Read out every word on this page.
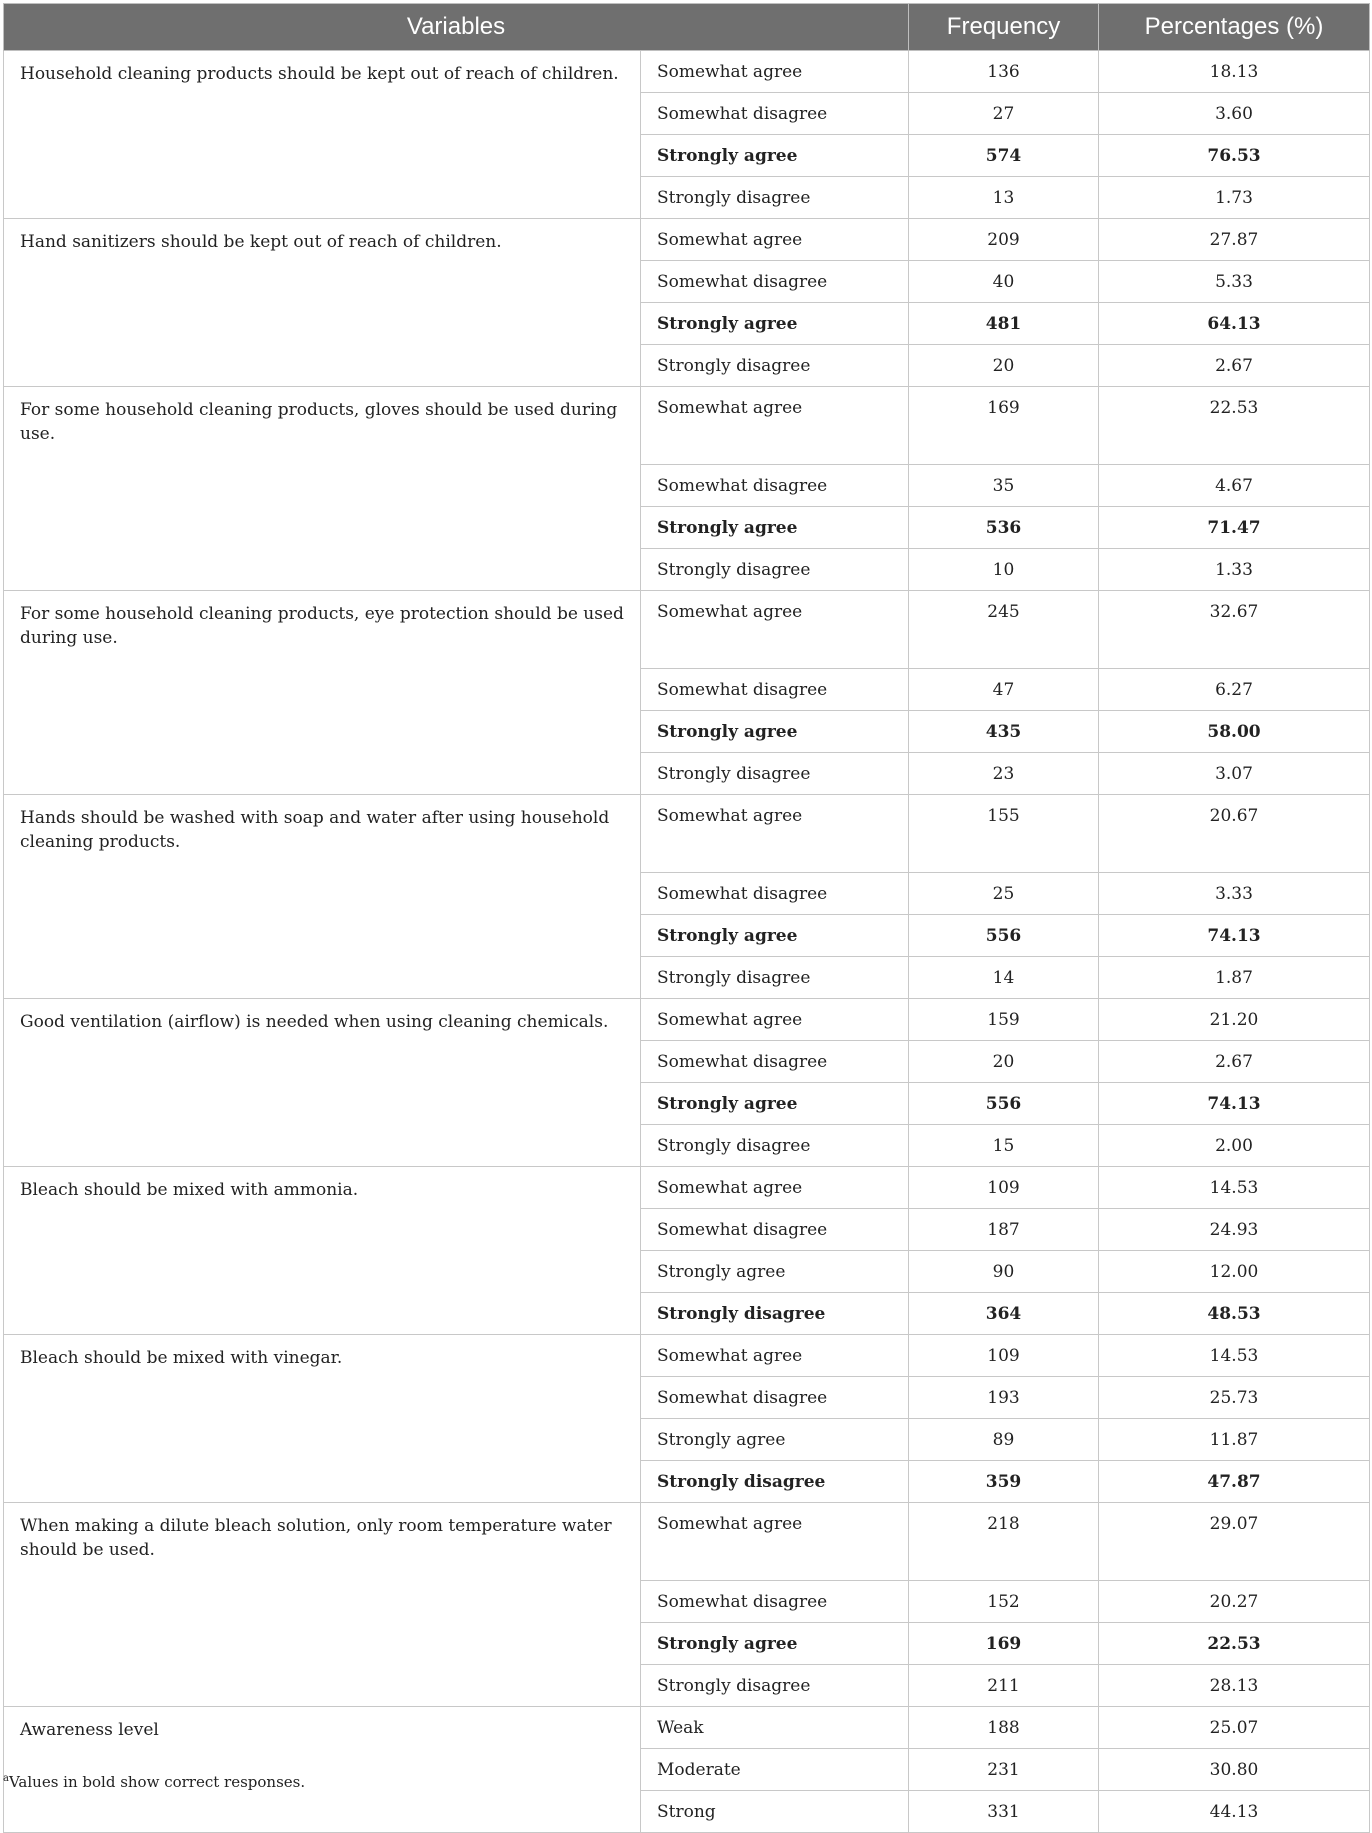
Variables		Frequency	Percentages (%)
Household cleaning products should be kept out of reach of children.	Somewhat agree	136	18.13
	Somewhat disagree	27	3.60
	Strongly agree	574	76.53
	Strongly disagree	13	1.73
Hand sanitizers should be kept out of reach of children.	Somewhat agree	209	27.87
	Somewhat disagree	40	5.33
	Strongly agree	481	64.13
	Strongly disagree	20	2.67
For some household cleaning products, gloves should be used during use.	Somewhat agree	169	22.53
	Somewhat disagree	35	4.67
	Strongly agree	536	71.47
	Strongly disagree	10	1.33
For some household cleaning products, eye protection should be used during use.	Somewhat agree	245	32.67
	Somewhat disagree	47	6.27
	Strongly agree	435	58.00
	Strongly disagree	23	3.07
Hands should be washed with soap and water after using household cleaning products.	Somewhat agree	155	20.67
	Somewhat disagree	25	3.33
	Strongly agree	556	74.13
	Strongly disagree	14	1.87
Good ventilation (airflow) is needed when using cleaning chemicals.	Somewhat agree	159	21.20
	Somewhat disagree	20	2.67
	Strongly agree	556	74.13
	Strongly disagree	15	2.00
Bleach should be mixed with ammonia.	Somewhat agree	109	14.53
	Somewhat disagree	187	24.93
	Strongly agree	90	12.00
	Strongly disagree	364	48.53
Bleach should be mixed with vinegar.	Somewhat agree	109	14.53
	Somewhat disagree	193	25.73
	Strongly agree	89	11.87
	Strongly disagree	359	47.87
When making a dilute bleach solution, only room temperature water should be used.	Somewhat agree	218	29.07
	Somewhat disagree	152	20.27
	Strongly agree	169	22.53
	Strongly disagree	211	28.13
Awareness level	Weak	188	25.07
	Moderate	231	30.80
	Strong	331	44.13
$^a$Values in bold show correct responses.
